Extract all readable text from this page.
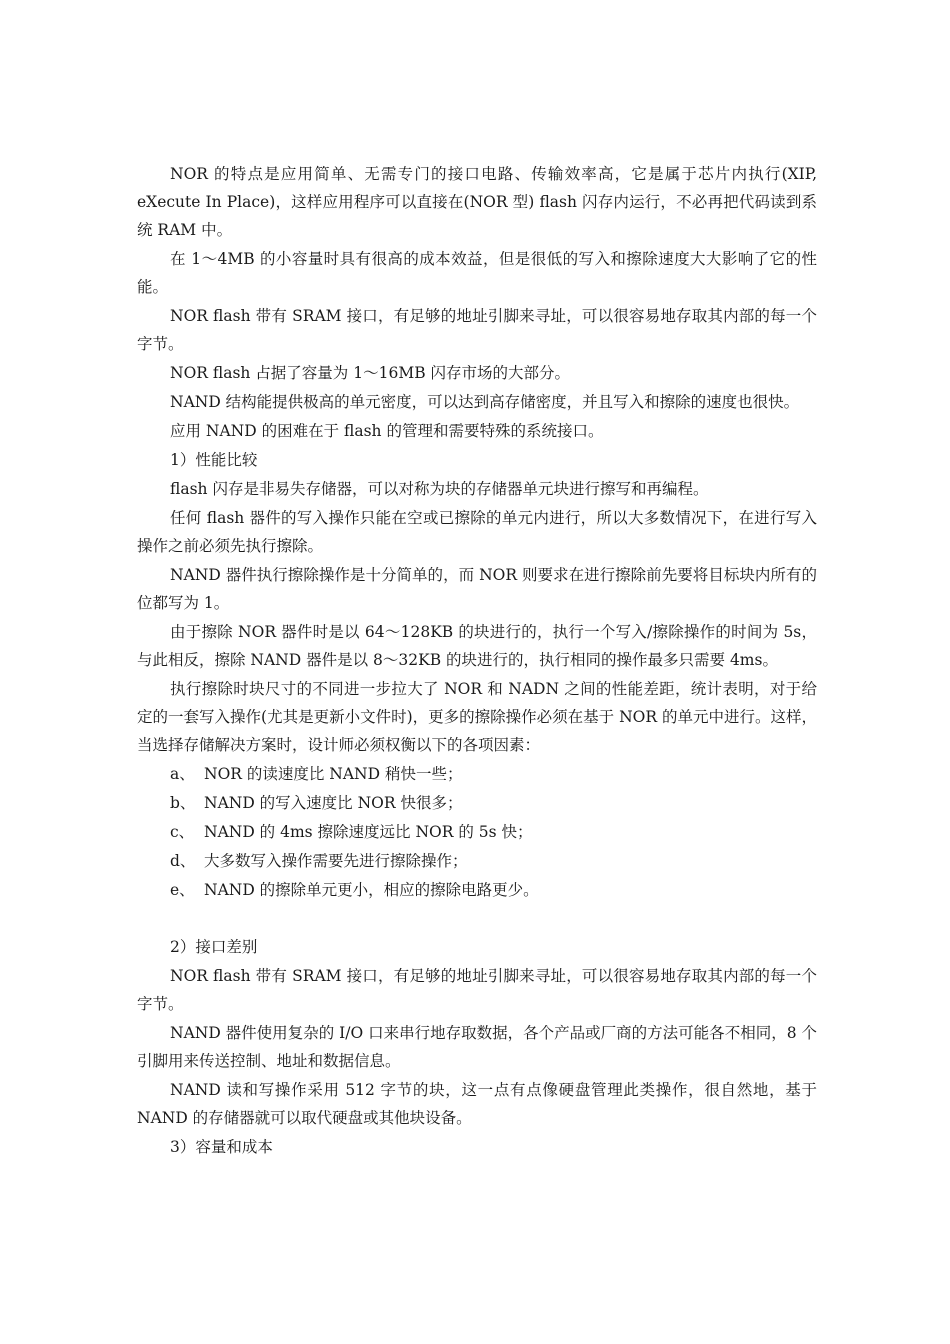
NOR 的特点是应用简单、无需专门的接口电路、传输效率高，它是属于芯片内执行(XIP, eXecute In Place)，这样应用程序可以直接在(NOR 型) flash 闪存内运行，不必再把代码读到系统 RAM 中。

在 1～4MB 的小容量时具有很高的成本效益，但是很低的写入和擦除速度大大影响了它的性能。

NOR flash 带有 SRAM 接口，有足够的地址引脚来寻址，可以很容易地存取其内部的每一个字节。

NOR flash 占据了容量为 1～16MB 闪存市场的大部分。

NAND 结构能提供极高的单元密度，可以达到高存储密度，并且写入和擦除的速度也很快。

应用 NAND 的困难在于 flash 的管理和需要特殊的系统接口。

1）性能比较

flash 闪存是非易失存储器，可以对称为块的存储器单元块进行擦写和再编程。

任何 flash 器件的写入操作只能在空或已擦除的单元内进行，所以大多数情况下，在进行写入操作之前必须先执行擦除。

NAND 器件执行擦除操作是十分简单的，而 NOR 则要求在进行擦除前先要将目标块内所有的位都写为 1。

由于擦除 NOR 器件时是以 64～128KB 的块进行的，执行一个写入/擦除操作的时间为 5s，与此相反，擦除 NAND 器件是以 8～32KB 的块进行的，执行相同的操作最多只需要 4ms。

执行擦除时块尺寸的不同进一步拉大了 NOR 和 NADN 之间的性能差距，统计表明，对于给定的一套写入操作(尤其是更新小文件时)，更多的擦除操作必须在基于 NOR 的单元中进行。这样，当选择存储解决方案时，设计师必须权衡以下的各项因素：

a、 NOR 的读速度比 NAND 稍快一些；

b、 NAND 的写入速度比 NOR 快很多；

c、 NAND 的 4ms 擦除速度远比 NOR 的 5s 快；

d、 大多数写入操作需要先进行擦除操作；

e、 NAND 的擦除单元更小，相应的擦除电路更少。

2）接口差别

NOR flash 带有 SRAM 接口，有足够的地址引脚来寻址，可以很容易地存取其内部的每一个字节。

NAND 器件使用复杂的 I/O 口来串行地存取数据，各个产品或厂商的方法可能各不相同，8 个引脚用来传送控制、地址和数据信息。

NAND 读和写操作采用 512 字节的块，这一点有点像硬盘管理此类操作，很自然地，基于 NAND 的存储器就可以取代硬盘或其他块设备。

3）容量和成本
